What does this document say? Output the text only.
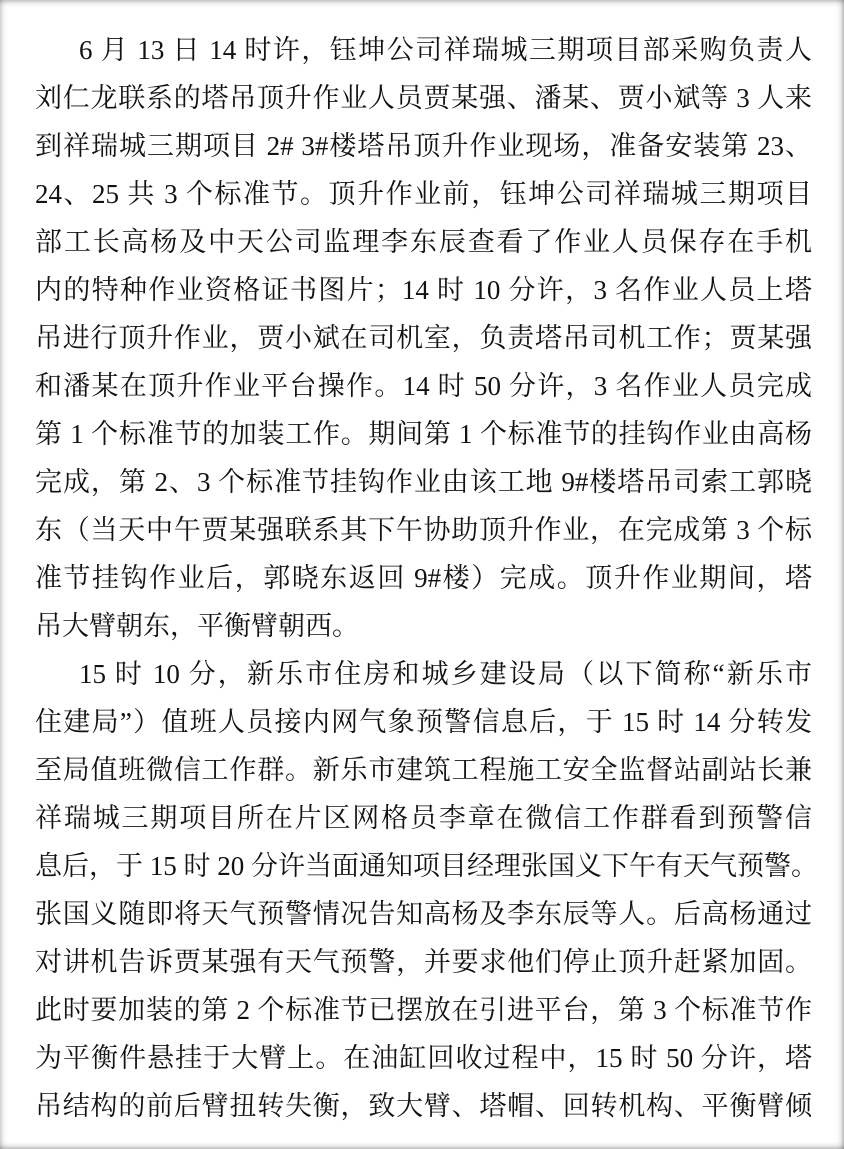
6 月 13 日 14 时许，钰坤公司祥瑞城三期项目部采购负责人
刘仁龙联系的塔吊顶升作业人员贾某强、潘某、贾小斌等 3 人来
到祥瑞城三期项目 2# 3#楼塔吊顶升作业现场，准备安装第 23、
24、25 共 3 个标准节。顶升作业前，钰坤公司祥瑞城三期项目
部工长高杨及中天公司监理李东辰查看了作业人员保存在手机
内的特种作业资格证书图片；14 时 10 分许，3 名作业人员上塔
吊进行顶升作业，贾小斌在司机室，负责塔吊司机工作；贾某强
和潘某在顶升作业平台操作。14 时 50 分许，3 名作业人员完成
第 1 个标准节的加装工作。期间第 1 个标准节的挂钩作业由高杨
完成，第 2、3 个标准节挂钩作业由该工地 9#楼塔吊司索工郭晓
东（当天中午贾某强联系其下午协助顶升作业，在完成第 3 个标
准节挂钩作业后，郭晓东返回 9#楼）完成。顶升作业期间，塔
吊大臂朝东，平衡臂朝西。
15 时 10 分，新乐市住房和城乡建设局（以下简称“新乐市
住建局”）值班人员接内网气象预警信息后，于 15 时 14 分转发
至局值班微信工作群。新乐市建筑工程施工安全监督站副站长兼
祥瑞城三期项目所在片区网格员李章在微信工作群看到预警信
息后，于 15 时 20 分许当面通知项目经理张国义下午有天气预警。
张国义随即将天气预警情况告知高杨及李东辰等人。后高杨通过
对讲机告诉贾某强有天气预警，并要求他们停止顶升赶紧加固。
此时要加装的第 2 个标准节已摆放在引进平台，第 3 个标准节作
为平衡件悬挂于大臂上。在油缸回收过程中，15 时 50 分许，塔
吊结构的前后臂扭转失衡，致大臂、塔帽、回转机构、平衡臂倾
